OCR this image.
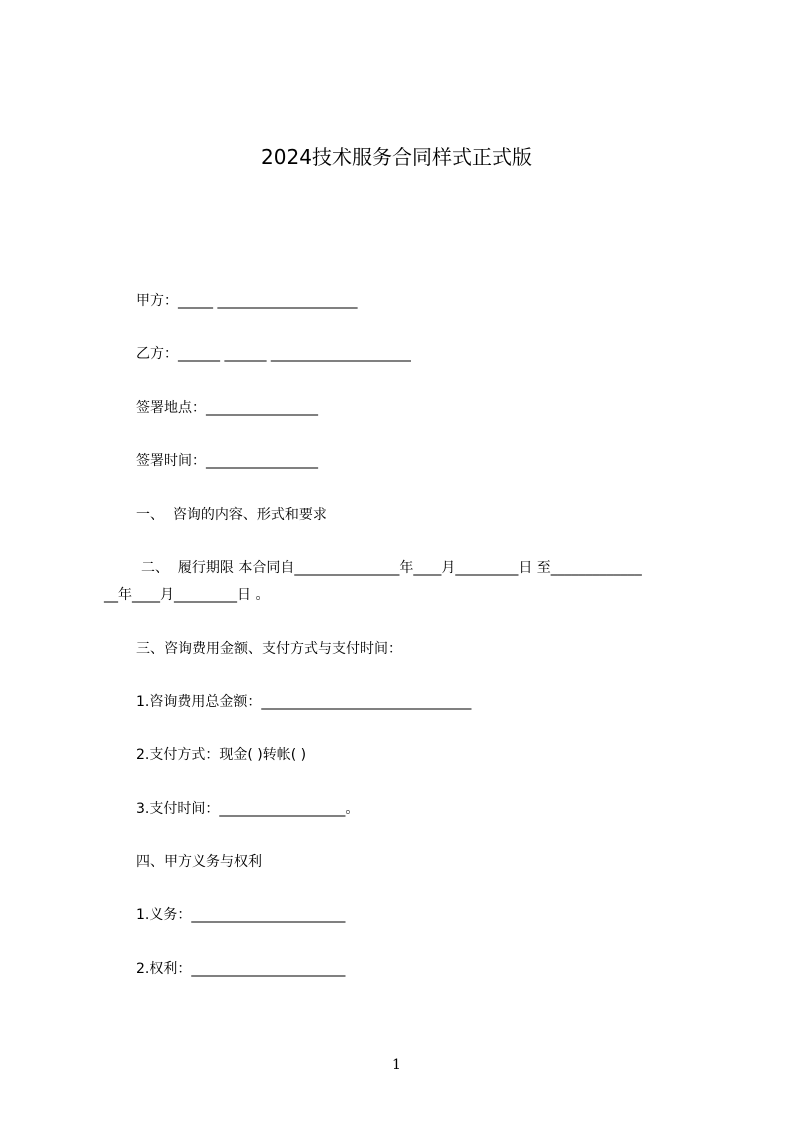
2024技术服务合同样式正式版
甲方：_____ ____________________
乙方：______ ______ ____________________
签署地点：________________
签署时间：________________
一、  咨询的内容、形式和要求
二、  履行期限 本合同自_______________年____月_________日 至_____________
__年____月_________日 。
三、咨询费用金额、支付方式与支付时间：
1.咨询费用总金额：______________________________
2.支付方式：现金( )转帐( )
3.支付时间：__________________。
四、甲方义务与权利
1.义务：______________________
2.权利：______________________
1
